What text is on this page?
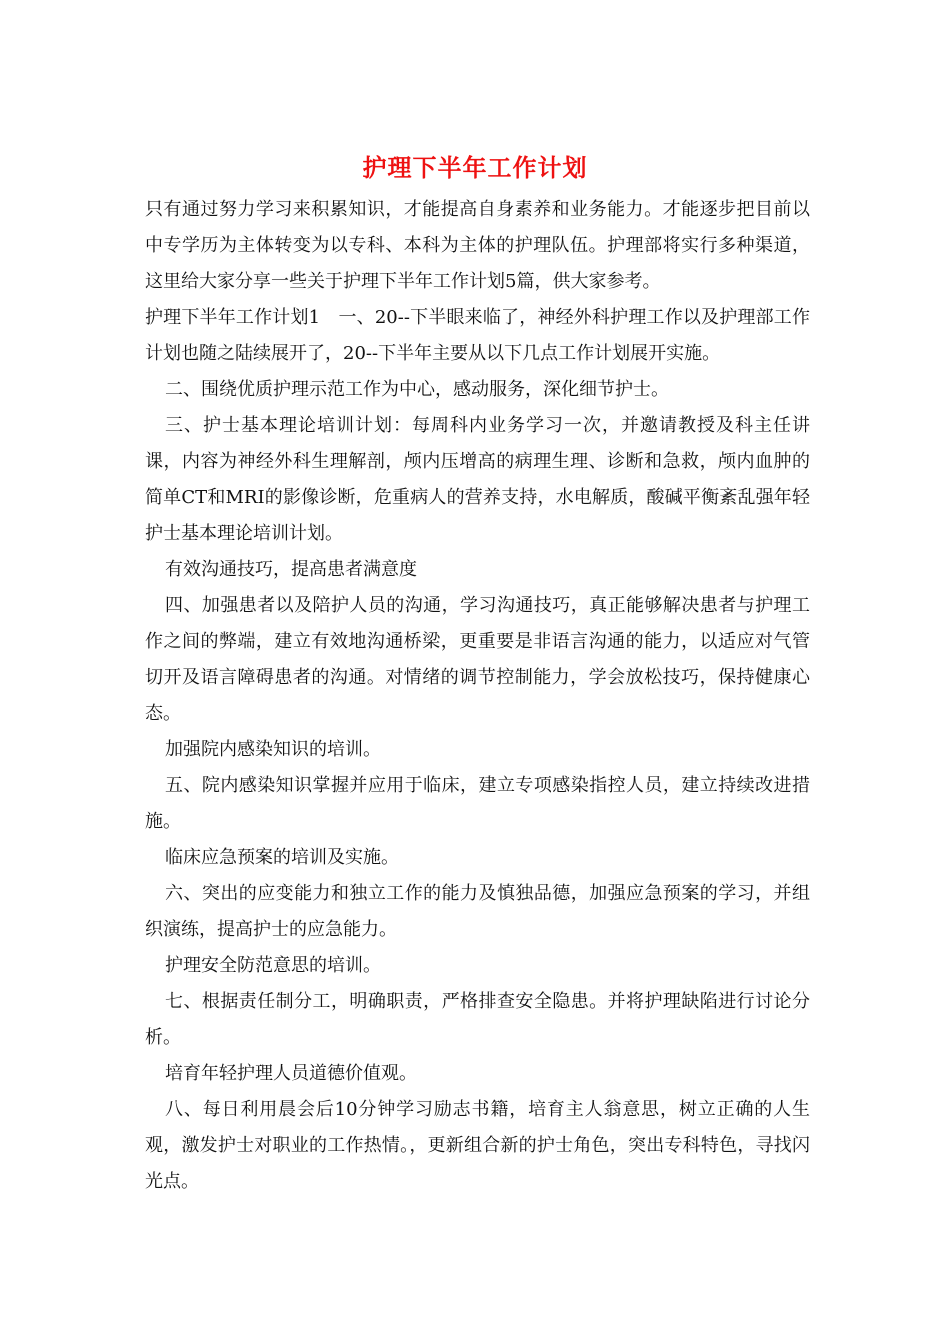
护理下半年工作计划

只有通过努力学习来积累知识，才能提高自身素养和业务能力。才能逐步把目前以中专学历为主体转变为以专科、本科为主体的护理队伍。护理部将实行多种渠道，这里给大家分享一些关于护理下半年工作计划5篇，供大家参考。

护理下半年工作计划1　一、20--下半眼来临了，神经外科护理工作以及护理部工作计划也随之陆续展开了，20--下半年主要从以下几点工作计划展开实施。

二、围绕优质护理示范工作为中心，感动服务，深化细节护士。

三、护士基本理论培训计划：每周科内业务学习一次，并邀请教授及科主任讲课，内容为神经外科生理解剖，颅内压增高的病理生理、诊断和急救，颅内血肿的简单CT和MRI的影像诊断，危重病人的营养支持，水电解质，酸碱平衡紊乱强年轻护士基本理论培训计划。

有效沟通技巧，提高患者满意度

四、加强患者以及陪护人员的沟通，学习沟通技巧，真正能够解决患者与护理工作之间的弊端，建立有效地沟通桥梁，更重要是非语言沟通的能力，以适应对气管切开及语言障碍患者的沟通。对情绪的调节控制能力，学会放松技巧，保持健康心态。

加强院内感染知识的培训。

五、院内感染知识掌握并应用于临床，建立专项感染指控人员，建立持续改进措施。

临床应急预案的培训及实施。

六、突出的应变能力和独立工作的能力及慎独品德，加强应急预案的学习，并组织演练，提高护士的应急能力。

护理安全防范意思的培训。

七、根据责任制分工，明确职责，严格排查安全隐患。并将护理缺陷进行讨论分析。

培育年轻护理人员道德价值观。

八、每日利用晨会后10分钟学习励志书籍，培育主人翁意思，树立正确的人生观，激发护士对职业的工作热情。，更新组合新的护士角色，突出专科特色，寻找闪光点。
